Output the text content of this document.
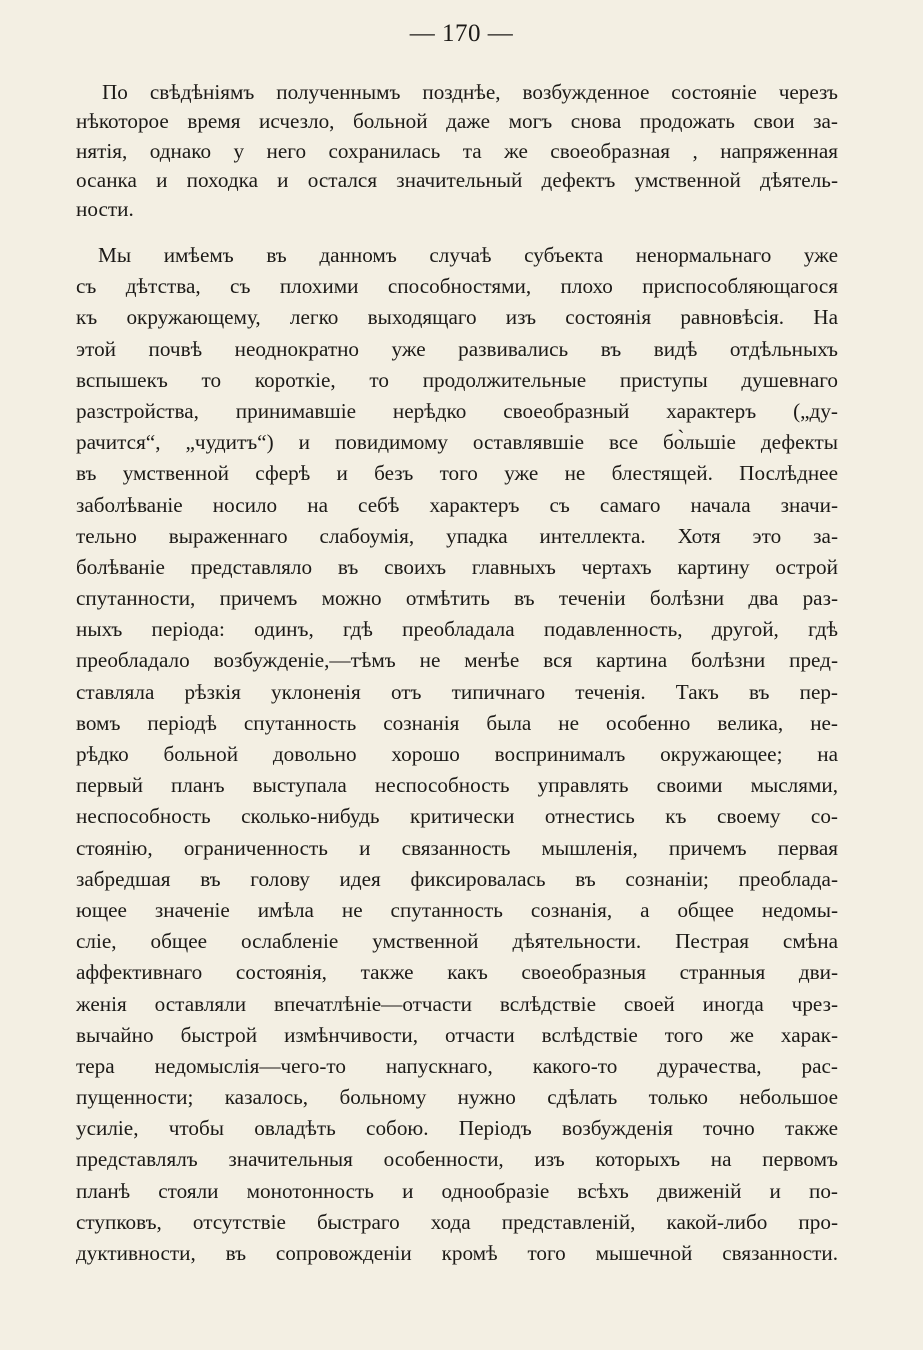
— 170 —
По свѣдѣніямъ полученнымъ позднѣе, возбужденное состояніе черезъ
нѣкоторое время исчезло, больной даже могъ снова продожать свои за-
нятія, однако у него сохранилась та же своеобразная , напряженная
осанка и походка и остался значительный дефектъ умственной дѣятель-
ности.
Мы имѣемъ въ данномъ случаѣ субъекта ненормальнаго уже
съ дѣтства, съ плохими способностями, плохо приспособляющагося
къ окружающему, легко выходящаго изъ состоянія равновѣсія. На
этой почвѣ неоднократно уже развивались въ видѣ отдѣльныхъ
вспышекъ то короткіе, то продолжительные приступы душевнаго
разстройства, принимавшіе нерѣдко своеобразный характеръ („ду-
рачится“, „чудитъ“) и повидимому оставлявшіе все бо̀льшіе дефекты
въ умственной сферѣ и безъ того уже не блестящей. Послѣднее
заболѣваніе носило на себѣ характеръ съ самаго начала значи-
тельно выраженнаго слабоумія, упадка интеллекта. Хотя это за-
болѣваніе представляло въ своихъ главныхъ чертахъ картину острой
спутанности, причемъ можно отмѣтить въ теченіи болѣзни два раз-
ныхъ періода: одинъ, гдѣ преобладала подавленность, другой, гдѣ
преобладало возбужденіе,—тѣмъ не менѣе вся картина болѣзни пред-
ставляла рѣзкія уклоненія отъ типичнаго теченія. Такъ въ пер-
вомъ періодѣ спутанность сознанія была не особенно велика, не-
рѣдко больной довольно хорошо воспринималъ окружающее; на
первый планъ выступала неспособность управлять своими мыслями,
неспособность сколько-нибудь критически отнестись къ своему со-
стоянію, ограниченность и связанность мышленія, причемъ первая
забредшая въ голову идея фиксировалась въ сознаніи; преоблада-
ющее значеніе имѣла не спутанность сознанія, а общее недомы-
сліе, общее ослабленіе умственной дѣятельности. Пестрая смѣна
аффективнаго состоянія, также какъ своеобразныя странныя дви-
женія оставляли впечатлѣніе—отчасти вслѣдствіе своей иногда чрез-
вычайно быстрой измѣнчивости, отчасти вслѣдствіе того же харак-
тера недомыслія—чего-то напускнаго, какого-то дурачества, рас-
пущенности; казалось, больному нужно сдѣлать только небольшое
усиліе, чтобы овладѣть собою. Періодъ возбужденія точно также
представлялъ значительныя особенности, изъ которыхъ на первомъ
планѣ стояли монотонность и однообразіе всѣхъ движеній и по-
ступковъ, отсутствіе быстраго хода представленій, какой-либо про-
дуктивности, въ сопровожденіи кромѣ того мышечной связанности.
